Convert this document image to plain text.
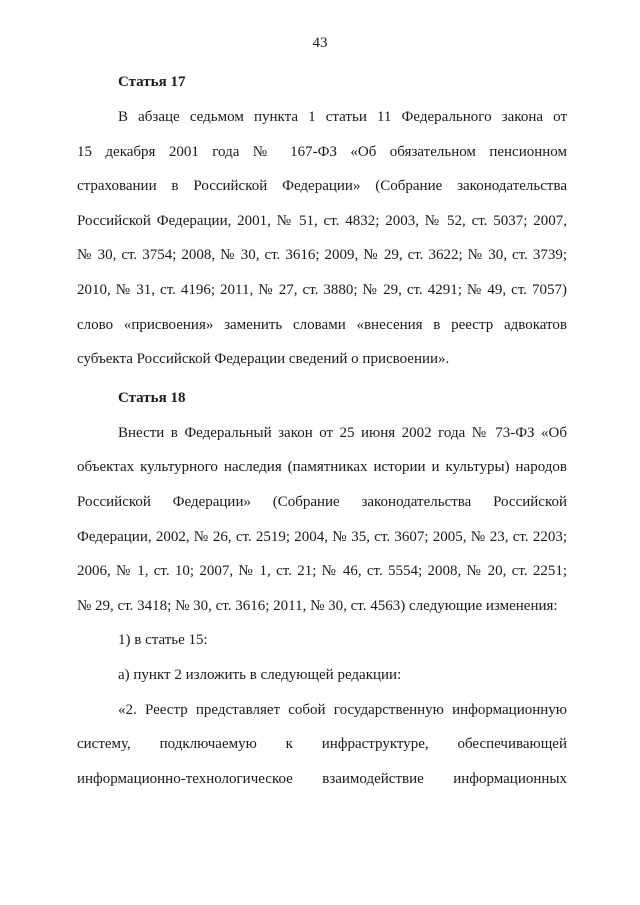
43
Статья 17
В абзаце седьмом пункта 1 статьи 11 Федерального закона от
15 декабря 2001 года № 167-ФЗ «Об обязательном пенсионном
страховании в Российской Федерации» (Собрание законодательства
Российской Федерации, 2001, № 51, ст. 4832; 2003, № 52, ст. 5037; 2007,
№ 30, ст. 3754; 2008, № 30, ст. 3616; 2009, № 29, ст. 3622; № 30, ст. 3739;
2010, № 31, ст. 4196; 2011, № 27, ст. 3880; № 29, ст. 4291; № 49, ст. 7057)
слово «присвоения» заменить словами «внесения в реестр адвокатов
субъекта Российской Федерации сведений о присвоении».
Статья 18
Внести в Федеральный закон от 25 июня 2002 года № 73-ФЗ «Об
объектах культурного наследия (памятниках истории и культуры) народов
Российской Федерации» (Собрание законодательства Российской
Федерации, 2002, № 26, ст. 2519; 2004, № 35, ст. 3607; 2005, № 23, ст. 2203;
2006, № 1, ст. 10; 2007, № 1, ст. 21; № 46, ст. 5554; 2008, № 20, ст. 2251;
№ 29, ст. 3418; № 30, ст. 3616; 2011, № 30, ст. 4563) следующие изменения:
1) в статье 15:
а) пункт 2 изложить в следующей редакции:
«2. Реестр представляет собой государственную информационную
систему, подключаемую к инфраструктуре, обеспечивающей
информационно-технологическое взаимодействие информационных
